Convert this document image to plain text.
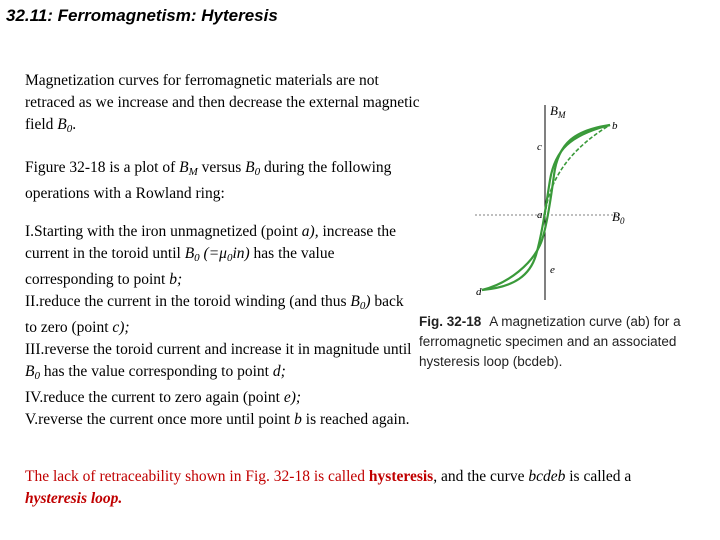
32.11: Ferromagnetism: Hyteresis
Magnetization curves for ferromagnetic materials are not retraced as we increase and then decrease the external magnetic field $B_0$.
Figure 32-18 is a plot of $B_M$ versus $B_0$ during the following operations with a Rowland ring:
I.Starting with the iron unmagnetized (point a), increase the current in the toroid until $B_0$ $(=\mu_0in)$ has the value corresponding to point b;
II.reduce the current in the toroid winding (and thus $B_0$) back to zero (point c);
III.reverse the toroid current and increase it in magnitude until $B_0$ has the value corresponding to point d;
IV.reduce the current to zero again (point e);
V.reverse the current once more until point b is reached again.
The lack of retraceability shown in Fig. 32-18 is called hysteresis, and the curve bcdeb is called a hysteresis loop.
$B_M$
$B_0$
b
c
a
e
d
Fig. 32-18 A magnetization curve (ab) for a ferromagnetic specimen and an associated hysteresis loop (bcdeb).
